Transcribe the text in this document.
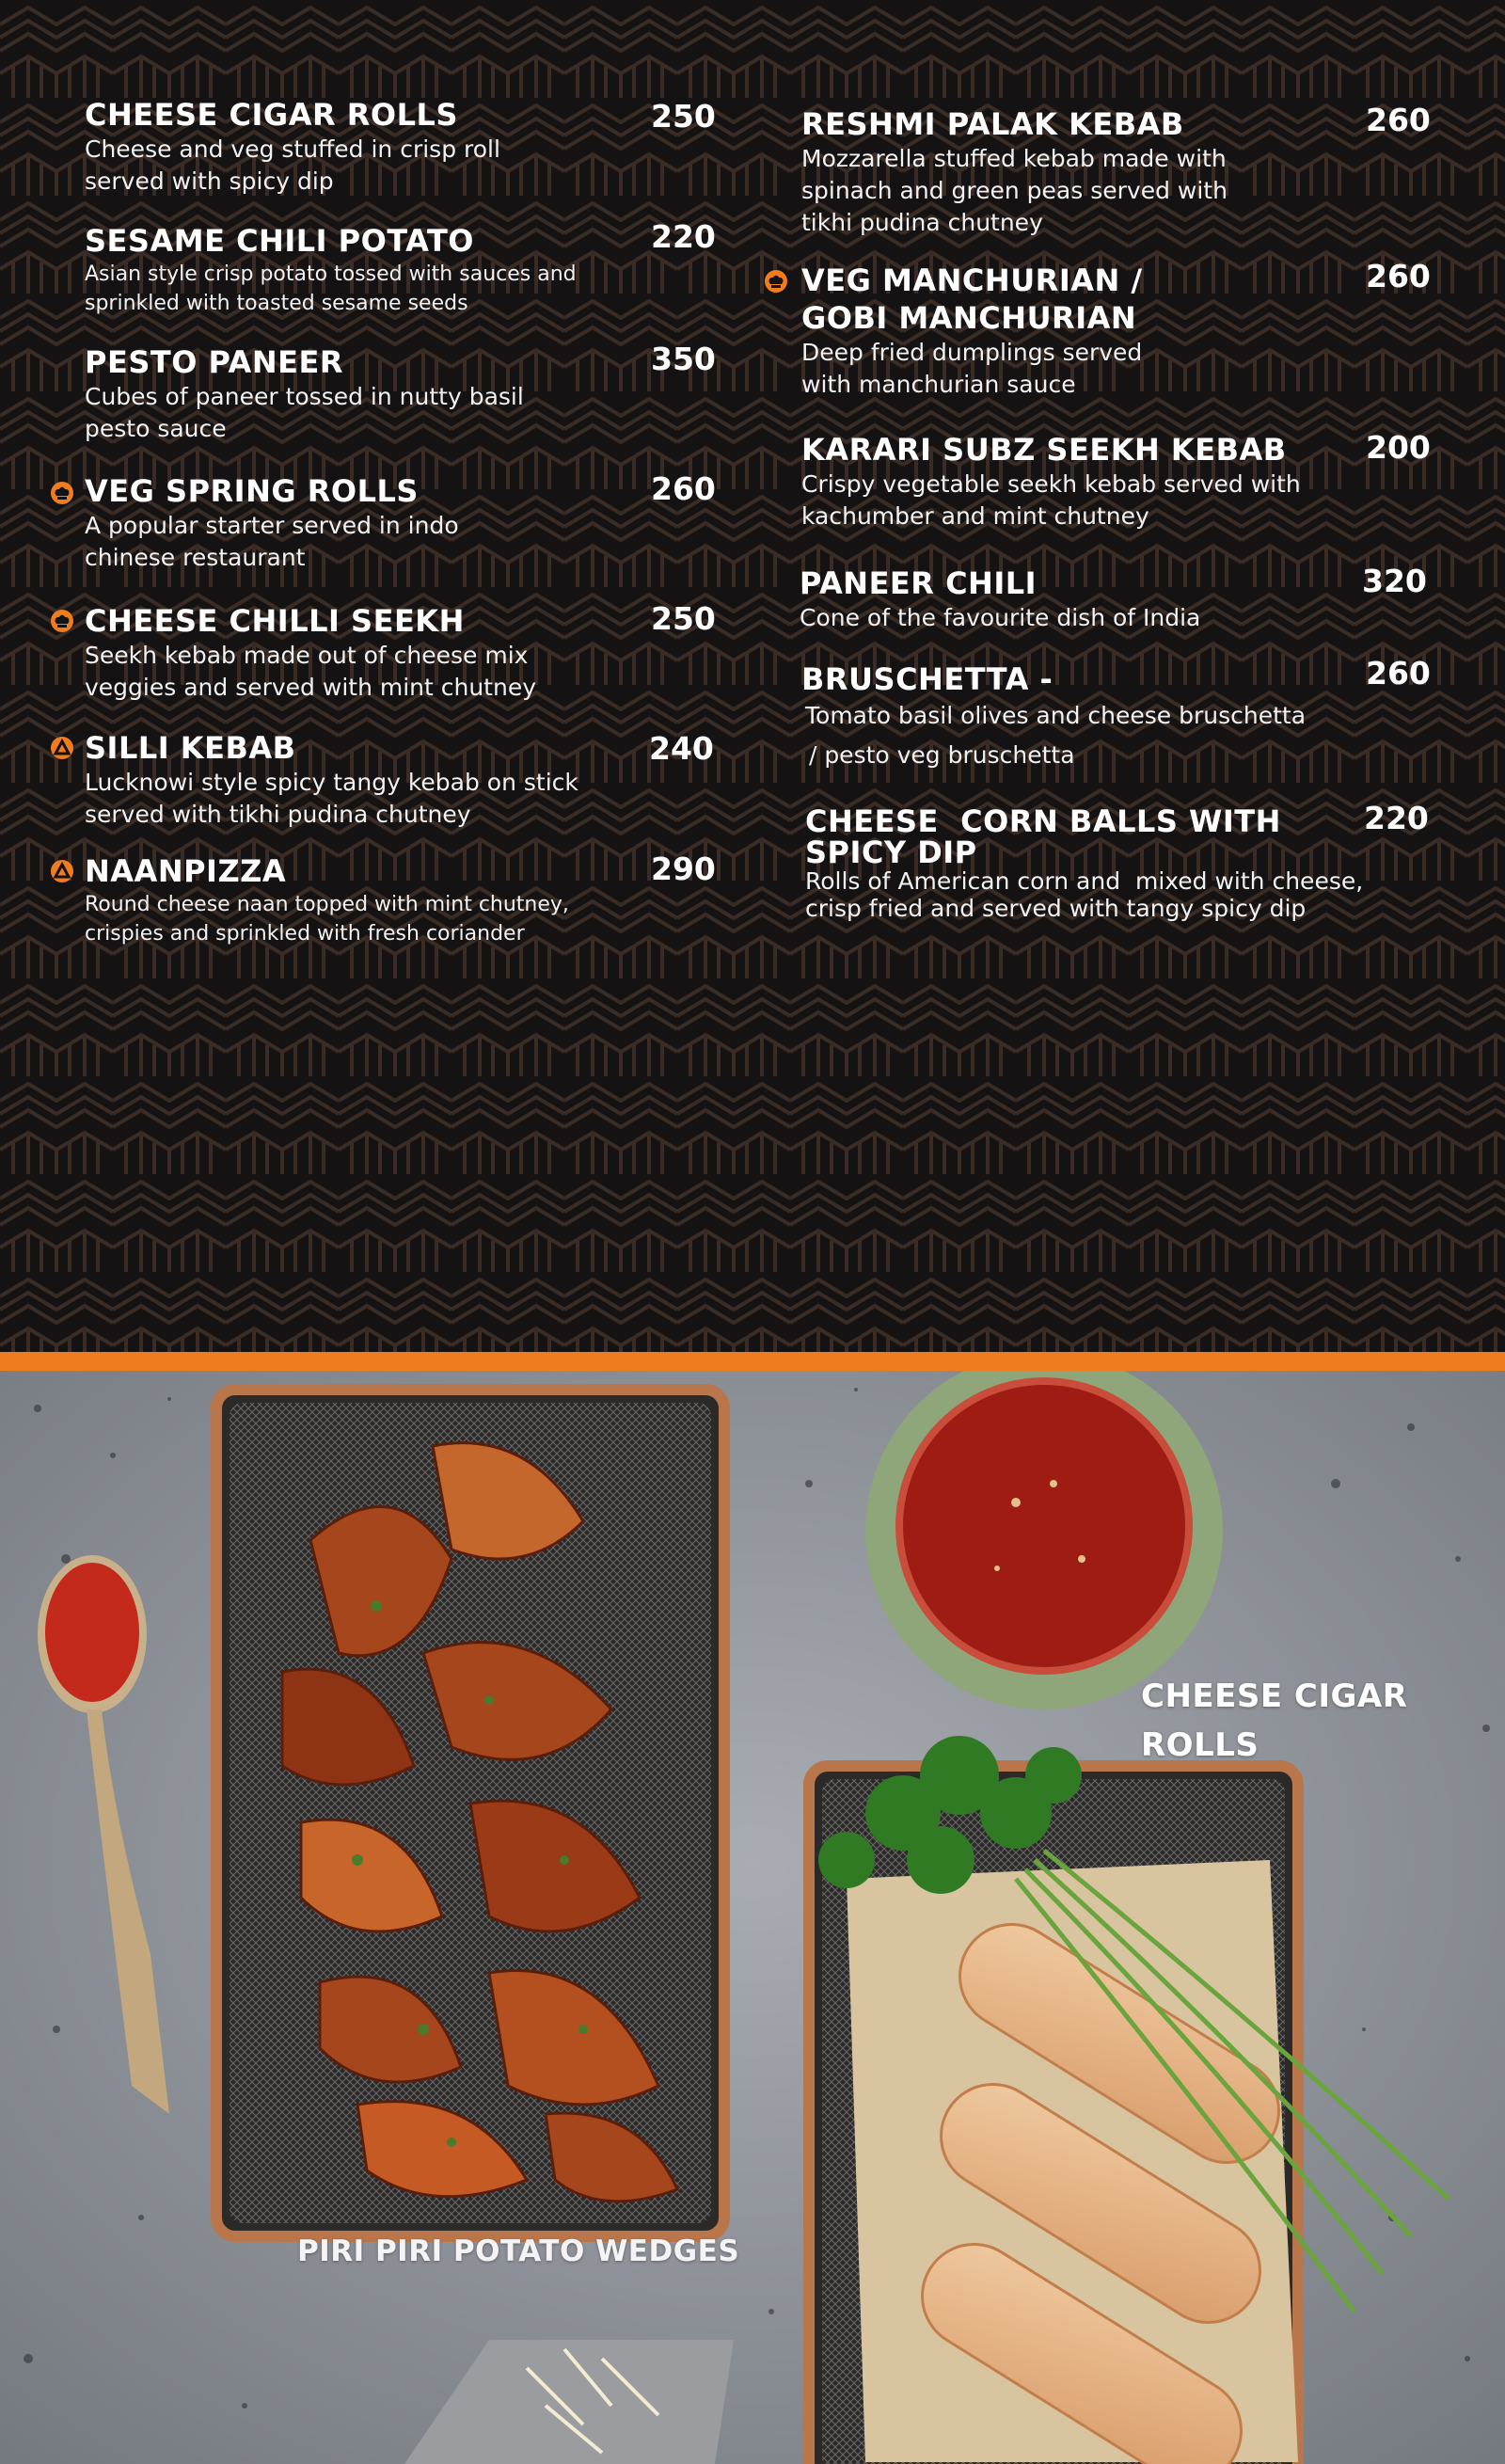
CHEESE CIGAR ROLLS
Cheese and veg stuffed in crisp roll
served with spicy dip
250
SESAME CHILI POTATO
Asian style crisp potato tossed with sauces and
sprinkled with toasted sesame seeds
220
PESTO PANEER
Cubes of paneer tossed in nutty basil
pesto sauce
350
VEG SPRING ROLLS
A popular starter served in indo
chinese restaurant
260
CHEESE CHILLI SEEKH
Seekh kebab made out of cheese mix
veggies and served with mint chutney
250
SILLI KEBAB
Lucknowi style spicy tangy kebab on stick
served with tikhi pudina chutney
240
NAANPIZZA
Round cheese naan topped with mint chutney,
crispies and sprinkled with fresh coriander
290
RESHMI PALAK KEBAB
Mozzarella stuffed kebab made with
spinach and green peas served with
tikhi pudina chutney
260
VEG MANCHURIAN /
GOBI MANCHURIAN
Deep fried dumplings served
with manchurian sauce
260
KARARI SUBZ SEEKH KEBAB
Crispy vegetable seekh kebab served with
kachumber and mint chutney
200
PANEER CHILI
Cone of the favourite dish of India
320
BRUSCHETTA -
Tomato basil olives and cheese bruschetta
/ pesto veg bruschetta
260
CHEESE  CORN BALLS WITH
SPICY DIP
Rolls of American corn and  mixed with cheese,
crisp fried and served with tangy spicy dip
220
CHEESE CIGAR
ROLLS
PIRI PIRI POTATO WEDGES
